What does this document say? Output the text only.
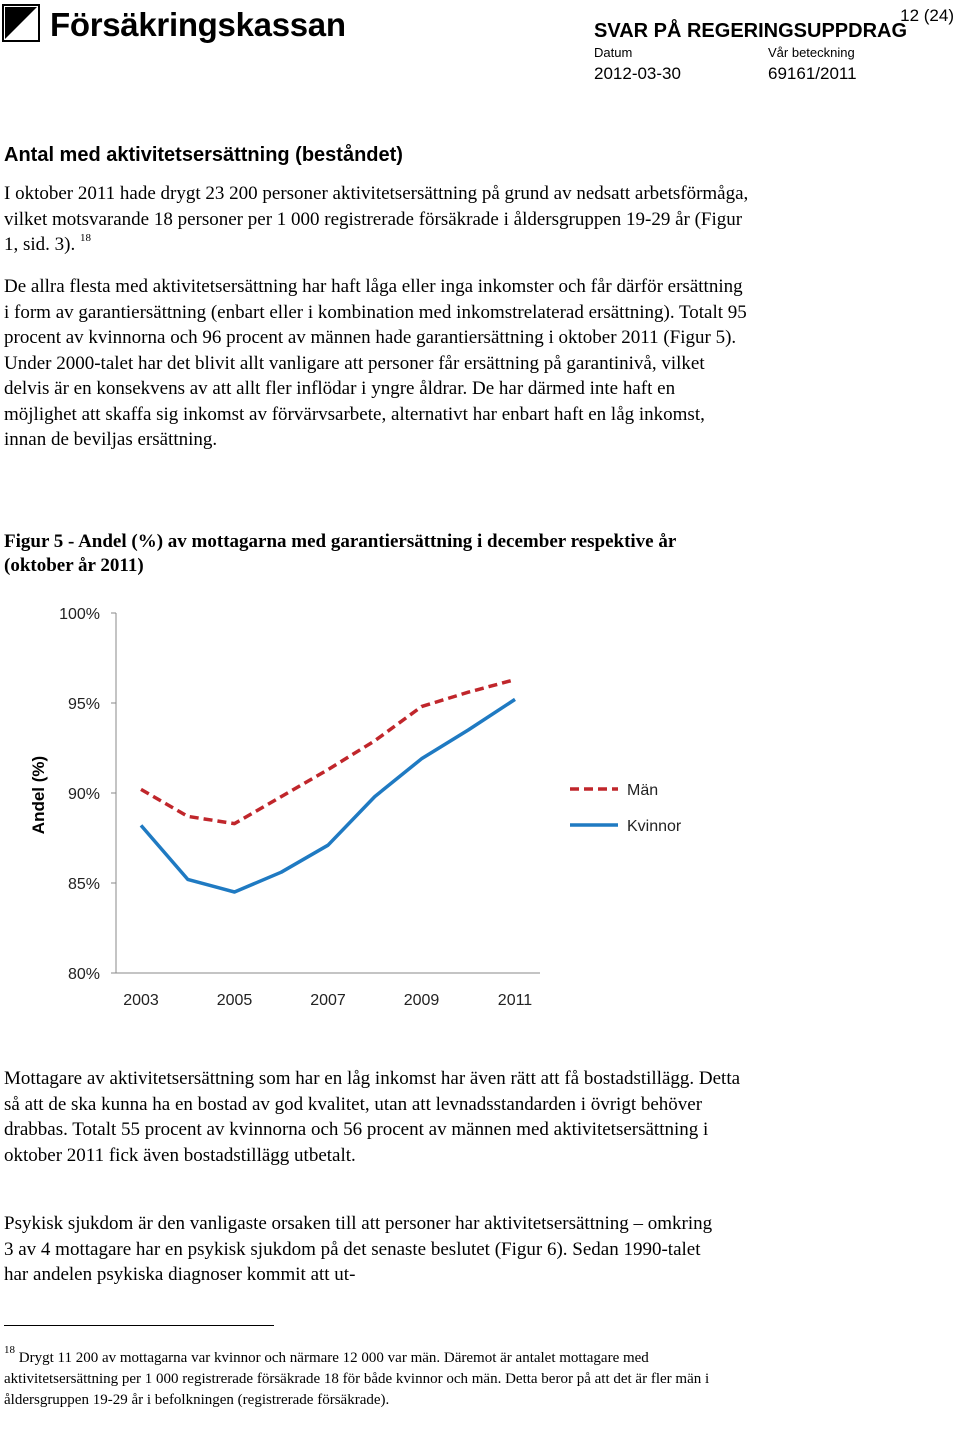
Försäkringskassan	SVAR PÅ REGERINGSUPPDRAG
Datum	Vår beteckning
2012-03-30	69161/2011
12 (24)
Antal med aktivitetsersättning (beståndet)

I oktober 2011 hade drygt 23 200 personer aktivitetsersättning på grund av nedsatt arbetsförmåga, vilket motsvarande 18 personer per 1 000 registrerade försäkrade i åldersgruppen 19-29 år (Figur 1, sid. 3). $^{18}$

De allra flesta med aktivitetsersättning har haft låga eller inga inkomster och får därför ersättning i form av garantiersättning (enbart eller i kombination med inkomstrelaterad ersättning). Totalt 95 procent av kvinnorna och 96 procent av männen hade garantiersättning i oktober 2011 (Figur 5). Under 2000-talet har det blivit allt vanligare att personer får ersättning på garantinivå, vilket delvis är en konsekvens av att allt fler inflödar i yngre åldrar. De har därmed inte haft en möjlighet att skaffa sig inkomst av förvärvsarbete, alternativt har enbart haft en låg inkomst, innan de beviljas ersättning.
Figur 5 - Andel (%) av mottagarna med garantiersättning i december respektive år (oktober år 2011)
80%
85%
90%
95%
100%
2003	2005	2007	2009	2011
Andel (%)	Män
Kvinnor
Mottagare av aktivitetsersättning som har en låg inkomst har även rätt att få bostadstillägg. Detta så att de ska kunna ha en bostad av god kvalitet, utan att levnadsstandarden i övrigt behöver drabbas. Totalt 55 procent av kvinnorna och 56 procent av männen med aktivitetsersättning i oktober 2011 fick även bostadstillägg utbetalt.
Psykisk sjukdom är den vanligaste orsaken till att personer har aktivitetsersättning – omkring 3 av 4 mottagare har en psykisk sjukdom på det senaste beslutet (Figur 6). Sedan 1990-talet har andelen psykiska diagnoser kommit att ut-
$^{18}$ Drygt 11 200 av mottagarna var kvinnor och närmare 12 000 var män. Däremot är antalet mottagare med aktivitetsersättning per 1 000 registrerade försäkrade 18 för både kvinnor och män. Detta beror på att det är fler män i åldersgruppen 19-29 år i befolkningen (registrerade försäkrade).
